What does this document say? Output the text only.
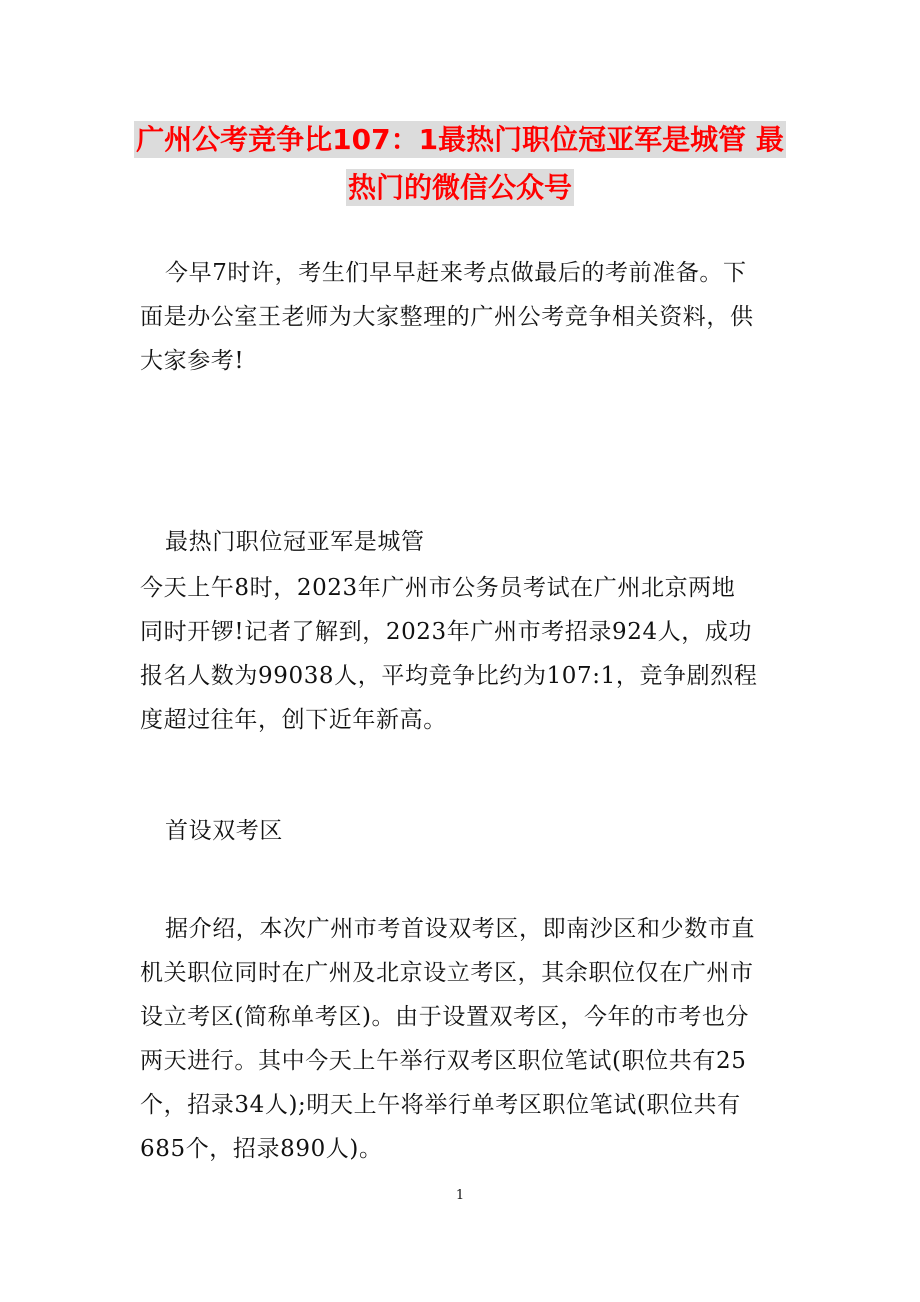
广州公考竞争比107：1最热门职位冠亚军是城管 最
热门的微信公众号
今早7时许，考生们早早赶来考点做最后的考前准备。下
面是办公室王老师为大家整理的广州公考竞争相关资料，供
大家参考!
最热门职位冠亚军是城管
今天上午8时，2023年广州市公务员考试在广州北京两地
同时开锣!记者了解到，2023年广州市考招录924人，成功
报名人数为99038人，平均竞争比约为107:1，竞争剧烈程
度超过往年，创下近年新高。
首设双考区
据介绍，本次广州市考首设双考区，即南沙区和少数市直
机关职位同时在广州及北京设立考区，其余职位仅在广州市
设立考区(简称单考区)。由于设置双考区，今年的市考也分
两天进行。其中今天上午举行双考区职位笔试(职位共有25
个，招录34人);明天上午将举行单考区职位笔试(职位共有
685个，招录890人)。
1
